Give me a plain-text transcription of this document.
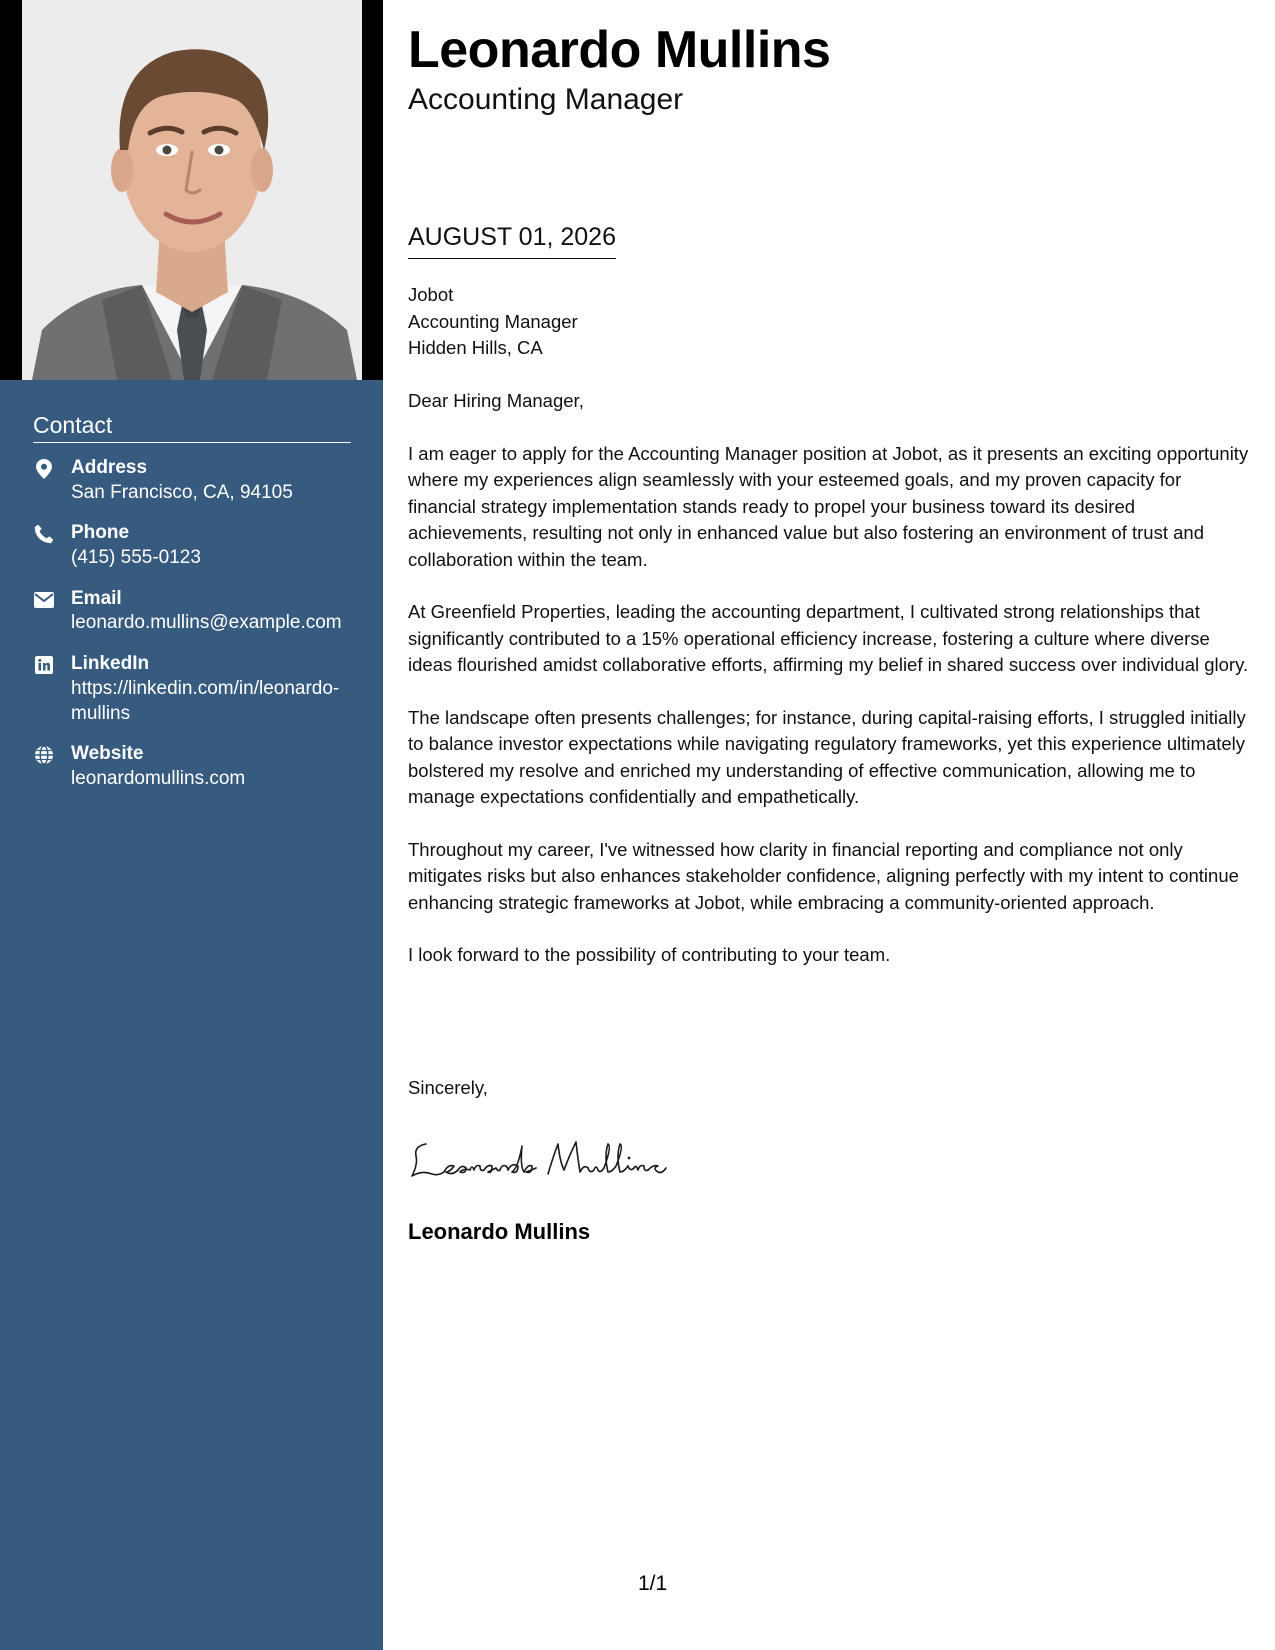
Contact
Address
San Francisco, CA, 94105
Phone
(415) 555-0123
Email
leonardo.mullins@example.com
LinkedIn
https://linkedin.com/in/leonardo-mullins
Website
leonardomullins.com
Leonardo Mullins
Accounting Manager
AUGUST 01, 2026
Jobot
Accounting Manager
Hidden Hills, CA

Dear Hiring Manager,

I am eager to apply for the Accounting Manager position at Jobot, as it presents an exciting opportunity where my experiences align seamlessly with your esteemed goals, and my proven capacity for financial strategy implementation stands ready to propel your business toward its desired achievements, resulting not only in enhanced value but also fostering an environment of trust and collaboration within the team.

At Greenfield Properties, leading the accounting department, I cultivated strong relationships that significantly contributed to a 15% operational efficiency increase, fostering a culture where diverse ideas flourished amidst collaborative efforts, affirming my belief in shared success over individual glory.

The landscape often presents challenges; for instance, during capital-raising efforts, I struggled initially to balance investor expectations while navigating regulatory frameworks, yet this experience ultimately bolstered my resolve and enriched my understanding of effective communication, allowing me to manage expectations confidentially and empathetically.

Throughout my career, I've witnessed how clarity in financial reporting and compliance not only mitigates risks but also enhances stakeholder confidence, aligning perfectly with my intent to continue enhancing strategic frameworks at Jobot, while embracing a community-oriented approach.

I look forward to the possibility of contributing to your team.

Sincerely,
Leonardo Mullins
1/1
